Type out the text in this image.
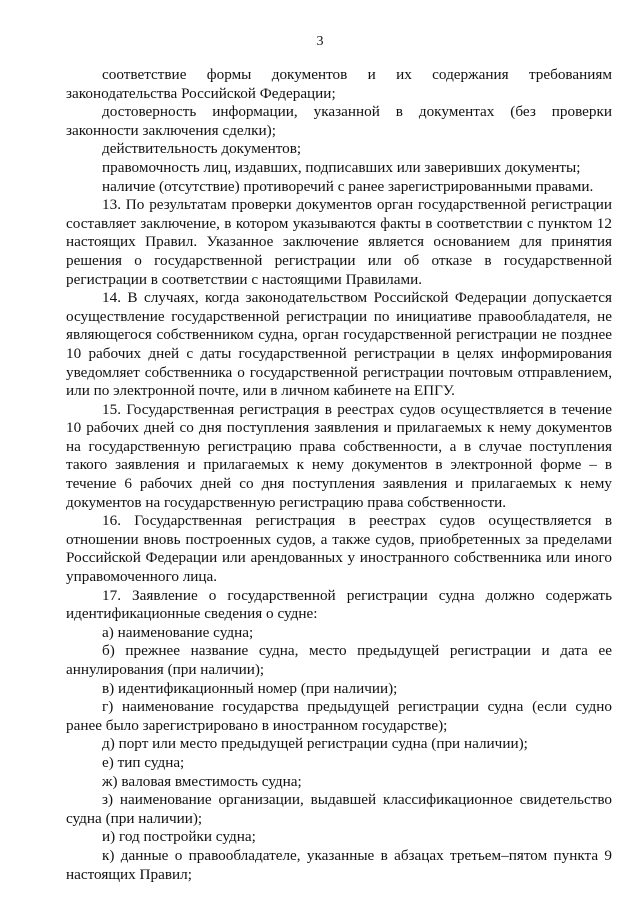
3

соответствие формы документов и их содержания требованиям законодательства Российской Федерации;

достоверность информации, указанной в документах (без проверки законности заключения сделки);

действительность документов;

правомочность лиц, издавших, подписавших или заверивших документы;

наличие (отсутствие) противоречий с ранее зарегистрированными правами.

13. По результатам проверки документов орган государственной регистрации составляет заключение, в котором указываются факты в соответствии с пунктом 12 настоящих Правил. Указанное заключение является основанием для принятия решения о государственной регистрации или об отказе в государственной регистрации в соответствии с настоящими Правилами.

14. В случаях, когда законодательством Российской Федерации допускается осуществление государственной регистрации по инициативе правообладателя, не являющегося собственником судна, орган государственной регистрации не позднее 10 рабочих дней с даты государственной регистрации в целях информирования уведомляет собственника о государственной регистрации почтовым отправлением, или по электронной почте, или в личном кабинете на ЕПГУ.

15. Государственная регистрация в реестрах судов осуществляется в течение 10 рабочих дней со дня поступления заявления и прилагаемых к нему документов на государственную регистрацию права собственности, а в случае поступления такого заявления и прилагаемых к нему документов в электронной форме – в течение 6 рабочих дней со дня поступления заявления и прилагаемых к нему документов на государственную регистрацию права собственности.

16. Государственная регистрация в реестрах судов осуществляется в отношении вновь построенных судов, а также судов, приобретенных за пределами Российской Федерации или арендованных у иностранного собственника или иного управомоченного лица.

17. Заявление о государственной регистрации судна должно содержать идентификационные сведения о судне:

а) наименование судна;

б) прежнее название судна, место предыдущей регистрации и дата ее аннулирования (при наличии);

в) идентификационный номер (при наличии);

г) наименование государства предыдущей регистрации судна (если судно ранее было зарегистрировано в иностранном государстве);

д) порт или место предыдущей регистрации судна (при наличии);

е) тип судна;

ж) валовая вместимость судна;

з) наименование организации, выдавшей классификационное свидетельство судна (при наличии);

и) год постройки судна;

к) данные о правообладателе, указанные в абзацах третьем–пятом пункта 9 настоящих Правил;
